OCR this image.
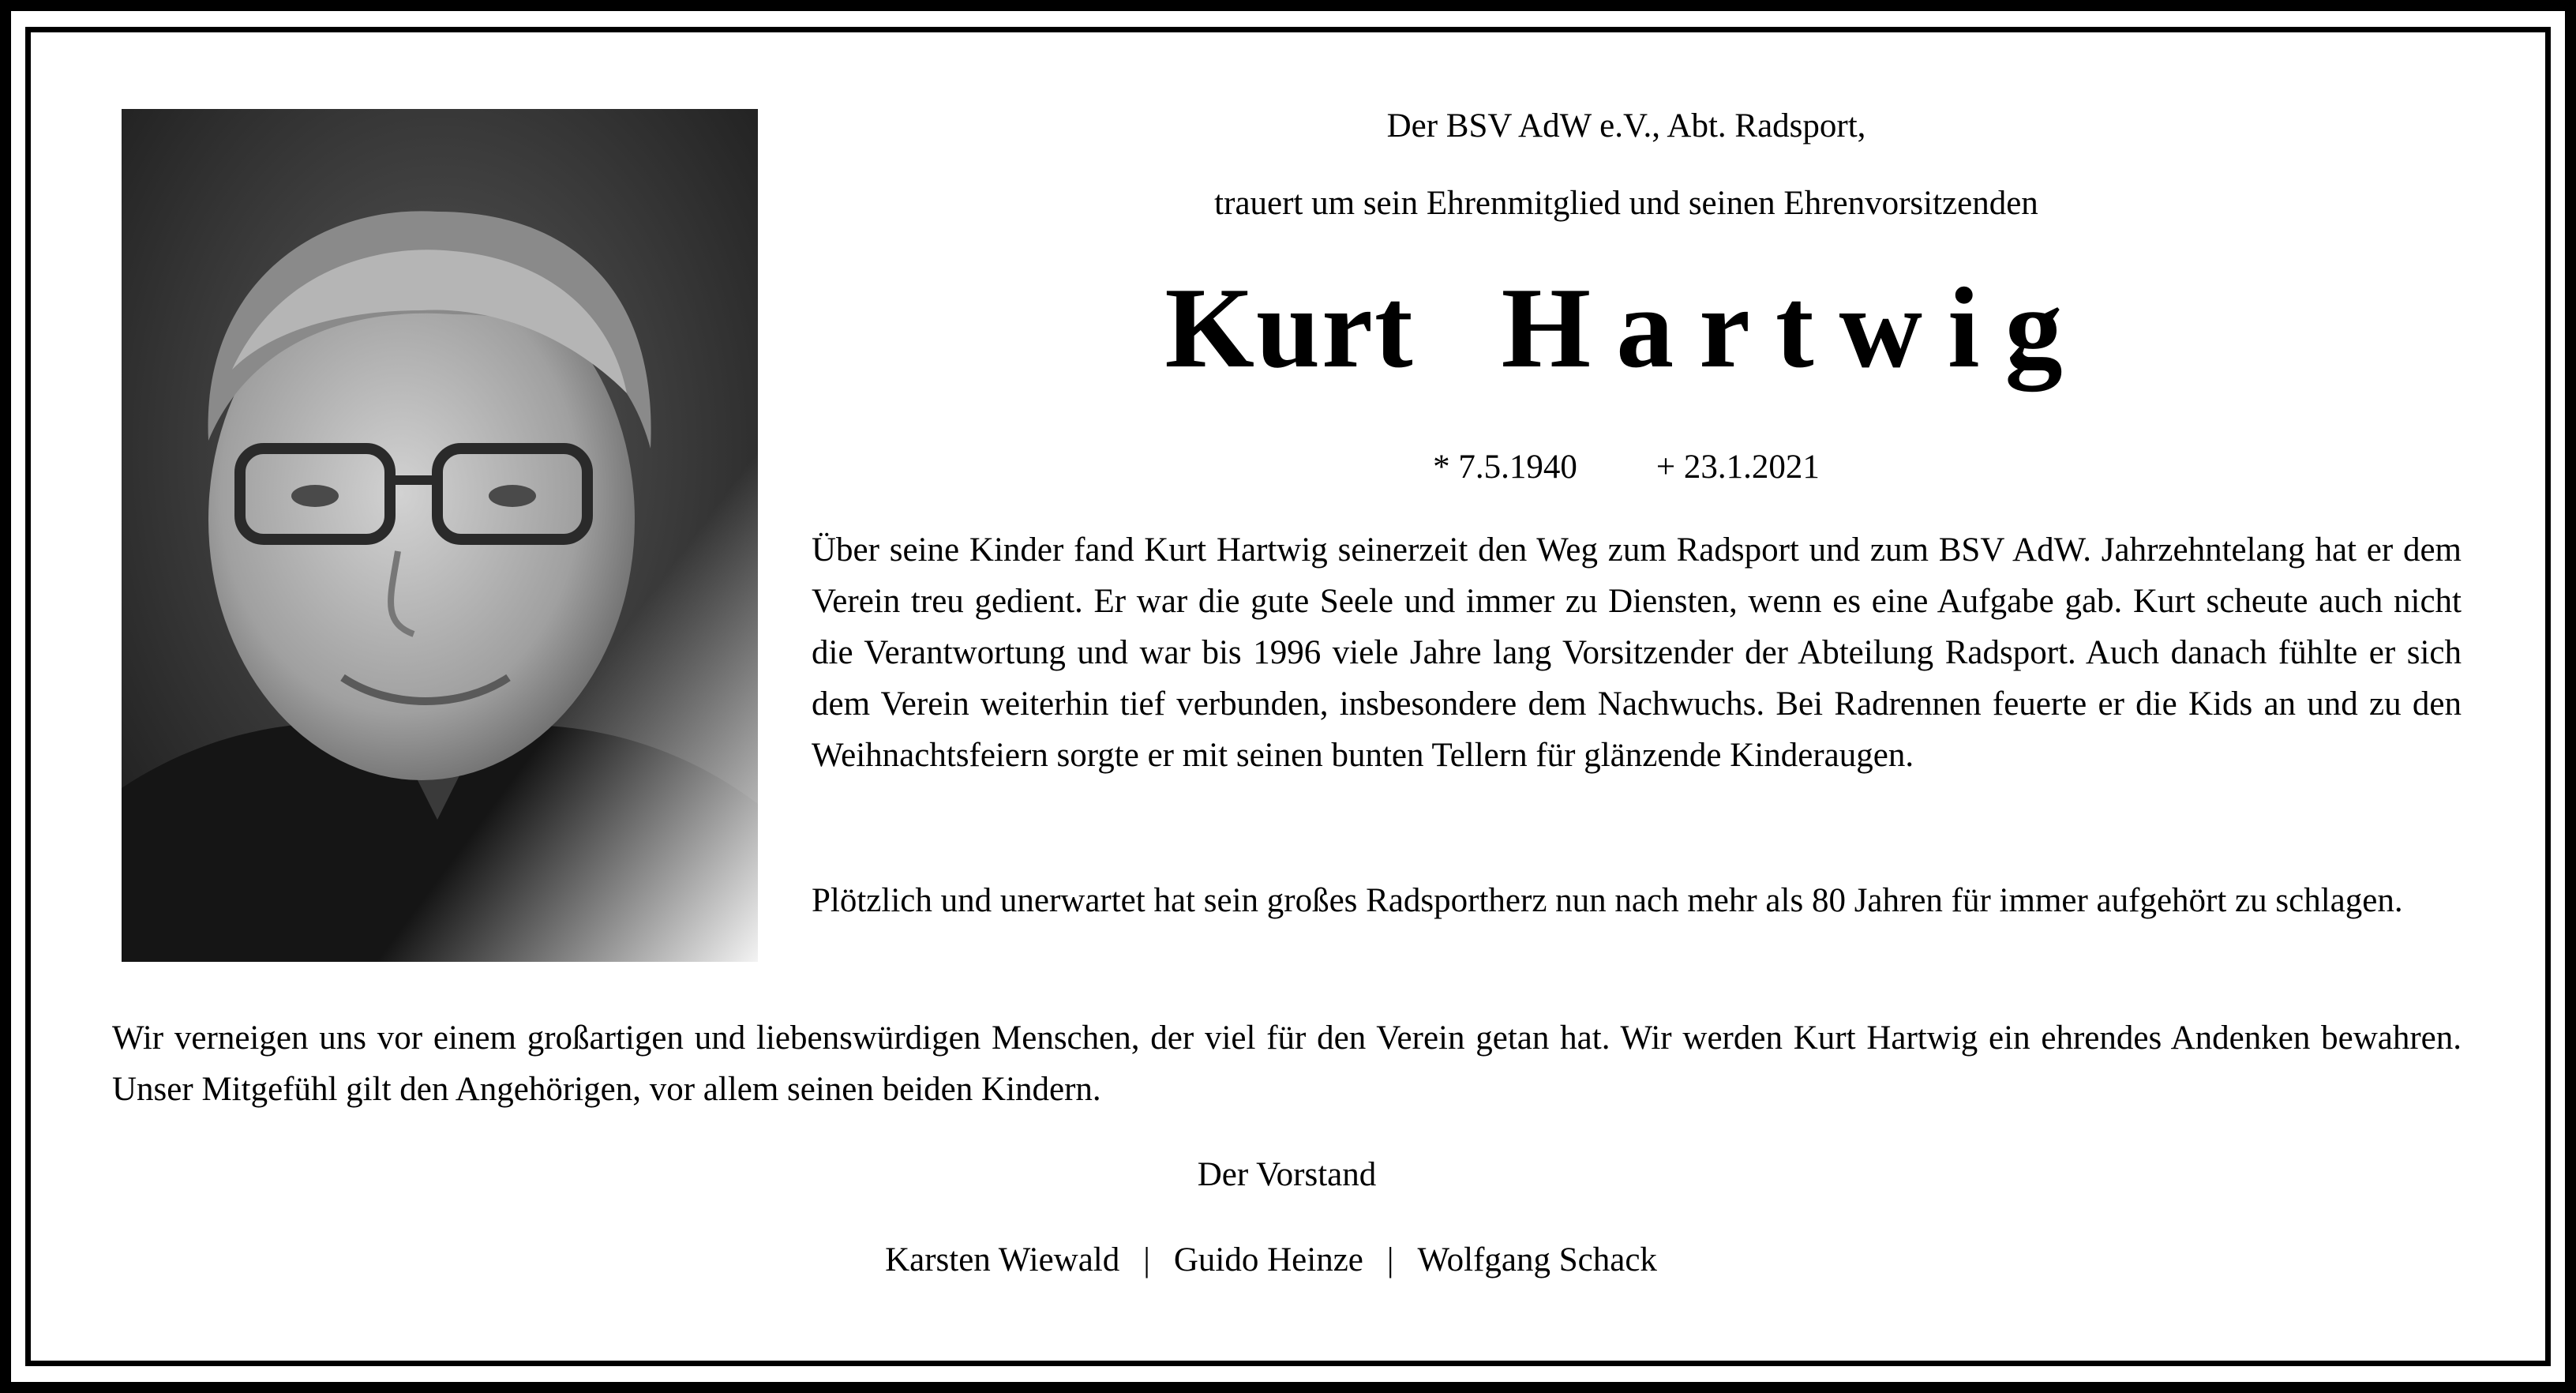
Der BSV AdW e.V., Abt. Radsport,
trauert um sein Ehrenmitglied und seinen Ehrenvorsitzenden
Kurt Hartwig
* 7.5.1940 + 23.1.2021

Über seine Kinder fand Kurt Hartwig seinerzeit den Weg zum Radsport und zum BSV AdW. Jahrzehntelang hat er dem Verein treu gedient. Er war die gute Seele und immer zu Diensten, wenn es eine Aufgabe gab. Kurt scheute auch nicht die Verantwortung und war bis 1996 viele Jahre lang Vorsitzender der Abteilung Radsport. Auch danach fühlte er sich dem Verein weiterhin tief verbunden, insbesondere dem Nachwuchs. Bei Radrennen feuerte er die Kids an und zu den Weihnachtsfeiern sorgte er mit seinen bunten Tellern für glänzende Kinderaugen.

Plötzlich und unerwartet hat sein großes Radsportherz nun nach mehr als 80 Jahren für immer aufgehört zu schlagen.

Wir verneigen uns vor einem großartigen und liebenswürdigen Menschen, der viel für den Verein getan hat. Wir werden Kurt Hartwig ein ehrendes Andenken bewahren. Unser Mitgefühl gilt den Angehörigen, vor allem seinen beiden Kindern.

Der Vorstand
Karsten Wiewald | Guido Heinze | Wolfgang Schack
